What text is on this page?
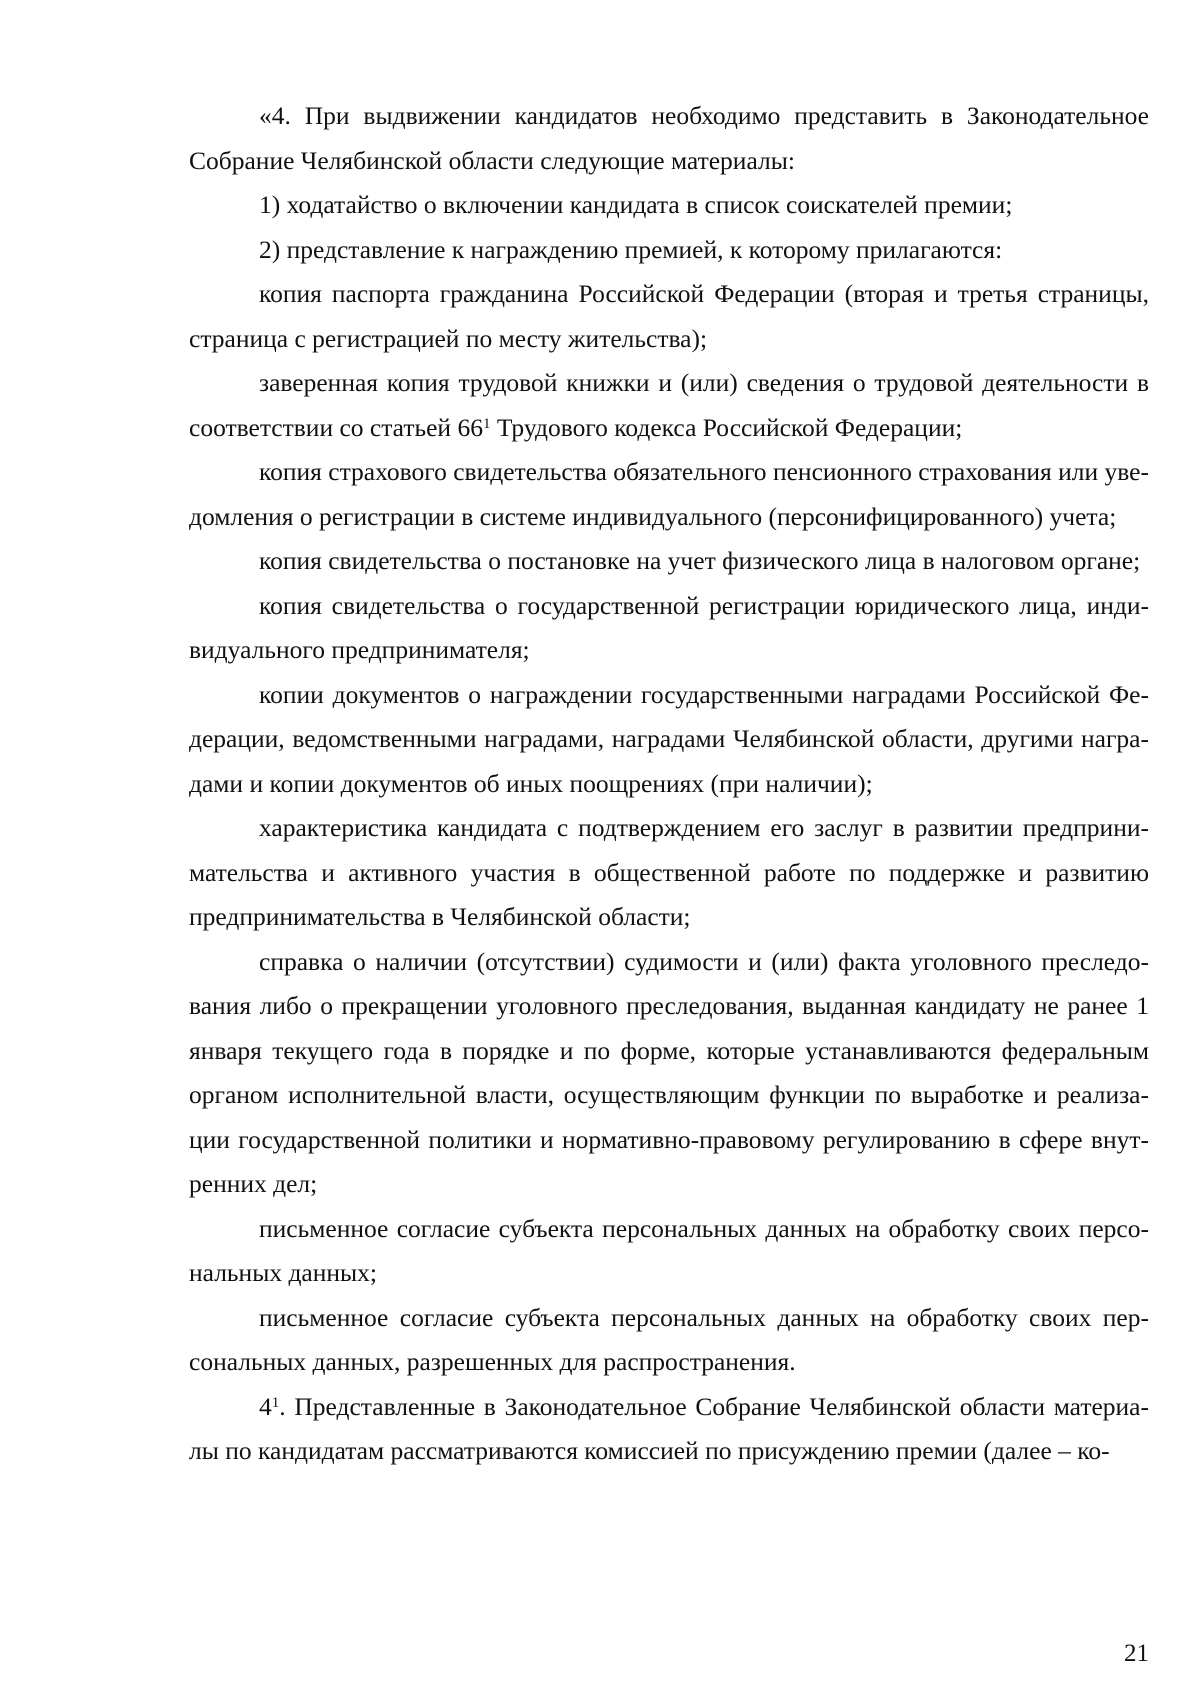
«4. При выдвижении кандидатов необходимо представить в Законодательное Собрание Челябинской области следующие материалы:

1) ходатайство о включении кандидата в список соискателей премии;

2) представление к награждению премией, к которому прилагаются:

копия паспорта гражданина Российской Федерации (вторая и третья страницы, страница с регистрацией по месту жительства);

заверенная копия трудовой книжки и (или) сведения о трудовой деятельности в соответствии со статьей $66^1$ Трудового кодекса Российской Федерации;

копия страхового свидетельства обязательного пенсионного страхования или уведомления о регистрации в системе индивидуального (персонифицированного) учета;

копия свидетельства о постановке на учет физического лица в налоговом органе;

копия свидетельства о государственной регистрации юридического лица, индивидуального предпринимателя;

копии документов о награждении государственными наградами Российской Федерации, ведомственными наградами, наградами Челябинской области, другими наградами и копии документов об иных поощрениях (при наличии);

характеристика кандидата с подтверждением его заслуг в развитии предпринимательства и активного участия в общественной работе по поддержке и развитию предпринимательства в Челябинской области;

справка о наличии (отсутствии) судимости и (или) факта уголовного преследования либо о прекращении уголовного преследования, выданная кандидату не ранее 1 января текущего года в порядке и по форме, которые устанавливаются федеральным органом исполнительной власти, осуществляющим функции по выработке и реализации государственной политики и нормативно-правовому регулированию в сфере внутренних дел;

письменное согласие субъекта персональных данных на обработку своих персональных данных;

письменное согласие субъекта персональных данных на обработку своих персональных данных, разрешенных для распространения.

$4^1$. Представленные в Законодательное Собрание Челябинской области материалы по кандидатам рассматриваются комиссией по присуждению премии (далее – ко-

21
